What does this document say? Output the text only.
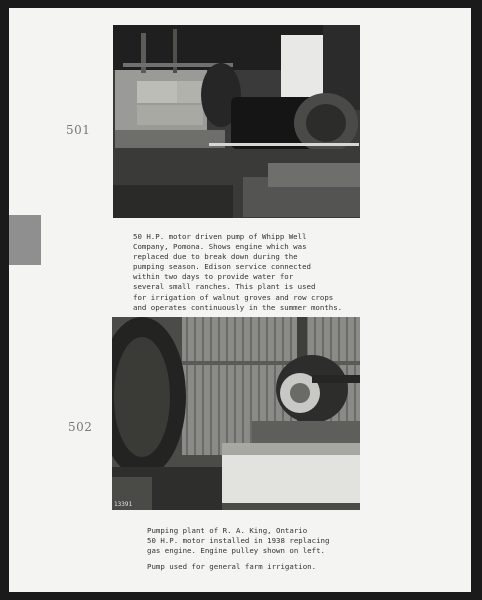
501
502
50 H.P. motor driven pump of Whipp Well
Company, Pomona. Shows engine which was
replaced due to break down during the
pumping season. Edison service connected
within two days to provide water for
several small ranches. This plant is used
for irrigation of walnut groves and row crops
and operates continuously in the summer months.
13391
Pumping plant of R. A. King, Ontario
50 H.P. motor installed in 1938 replacing
gas engine. Engine pulley shown on left.
Pump used for general farm irrigation.
